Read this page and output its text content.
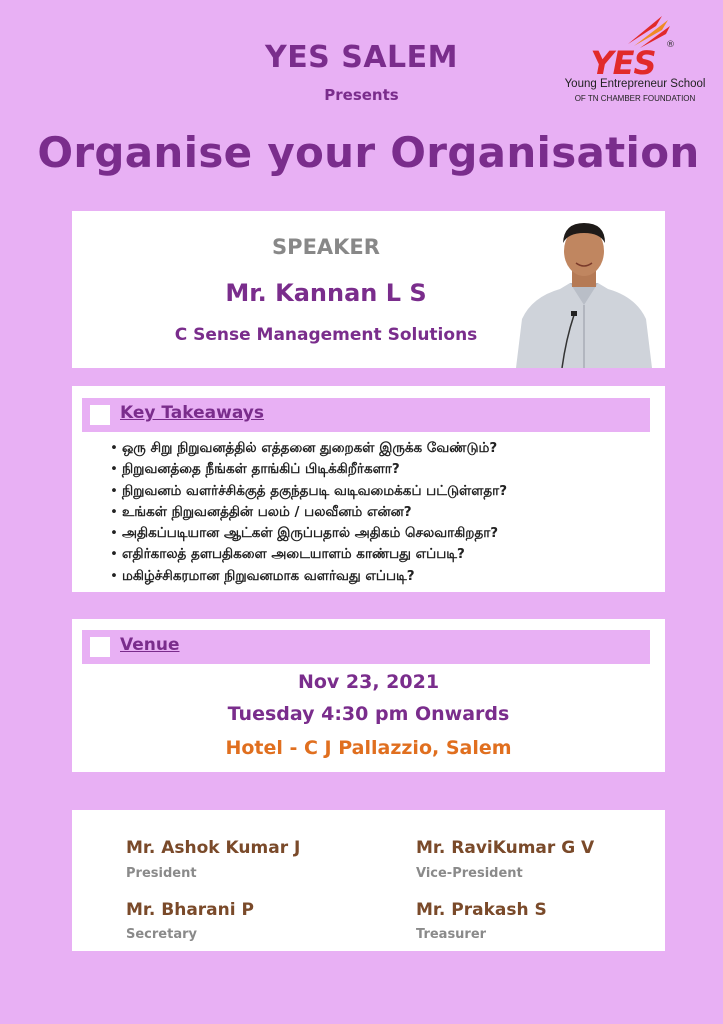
YES SALEM
Presents
YES ®
Young Entrepreneur School
OF TN CHAMBER FOUNDATION
Organise your Organisation
SPEAKER
Mr. Kannan L S
C Sense Management Solutions
Key Takeaways
• ஒரு சிறு நிறுவனத்தில் எத்தனை துறைகள் இருக்க வேண்டும்?
• நிறுவனத்தை நீங்கள் தாங்கிப் பிடிக்கிறீர்களா?
• நிறுவனம் வளர்ச்சிக்குத் தகுந்தபடி வடிவமைக்கப் பட்டுள்ளதா?
• உங்கள் நிறுவனத்தின் பலம் / பலவீனம் என்ன?
• அதிகப்படியான ஆட்கள் இருப்பதால் அதிகம் செலவாகிறதா?
• எதிர்காலத் தளபதிகளை அடையாளம் காண்பது எப்படி?
• மகிழ்ச்சிகரமான நிறுவனமாக வளர்வது எப்படி?
Venue
Nov 23, 2021
Tuesday 4:30 pm Onwards
Hotel - C J Pallazzio, Salem
Mr. Ashok Kumar J
President
Mr. RaviKumar G V
Vice-President
Mr. Bharani P
Secretary
Mr. Prakash S
Treasurer
